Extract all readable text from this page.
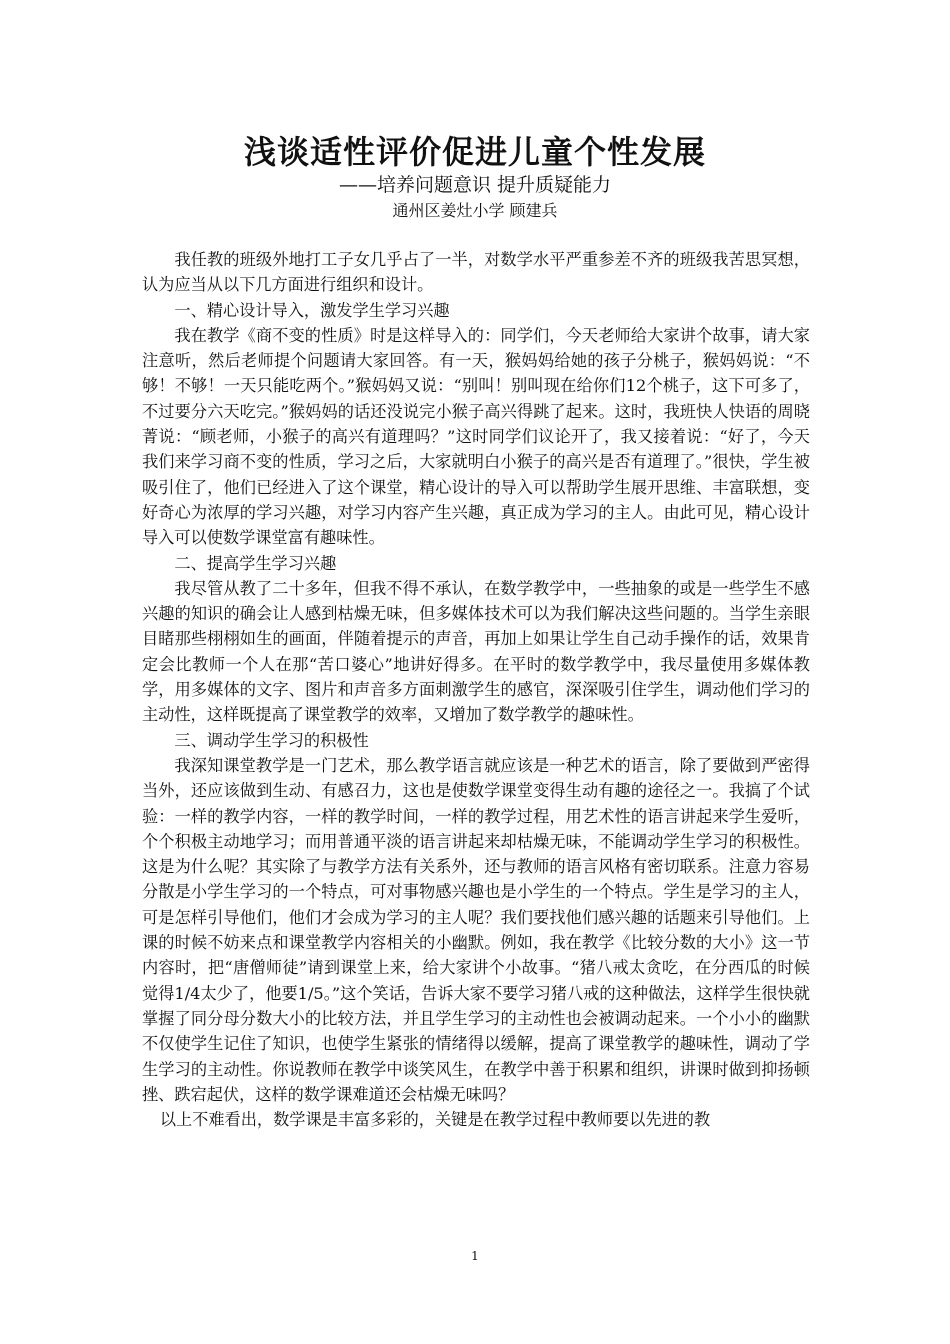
浅谈适性评价促进儿童个性发展
——培养问题意识 提升质疑能力
通州区姜灶小学 顾建兵

我任教的班级外地打工子女几乎占了一半，对数学水平严重参差不齐的班级我苦思冥想，认为应当从以下几方面进行组织和设计。

一、精心设计导入，激发学生学习兴趣

我在教学《商不变的性质》时是这样导入的：同学们，今天老师给大家讲个故事，请大家注意听，然后老师提个问题请大家回答。有一天，猴妈妈给她的孩子分桃子，猴妈妈说：“不够！不够！一天只能吃两个。”猴妈妈又说：“别叫！别叫现在给你们12个桃子，这下可多了，不过要分六天吃完。”猴妈妈的话还没说完小猴子高兴得跳了起来。这时，我班快人快语的周晓菁说：“顾老师，小猴子的高兴有道理吗？”这时同学们议论开了，我又接着说：“好了，今天我们来学习商不变的性质，学习之后，大家就明白小猴子的高兴是否有道理了。”很快，学生被吸引住了，他们已经进入了这个课堂，精心设计的导入可以帮助学生展开思维、丰富联想，变好奇心为浓厚的学习兴趣，对学习内容产生兴趣，真正成为学习的主人。由此可见，精心设计导入可以使数学课堂富有趣味性。

二、提高学生学习兴趣

我尽管从教了二十多年，但我不得不承认，在数学教学中，一些抽象的或是一些学生不感兴趣的知识的确会让人感到枯燥无味，但多媒体技术可以为我们解决这些问题的。当学生亲眼目睹那些栩栩如生的画面，伴随着提示的声音，再加上如果让学生自己动手操作的话，效果肯定会比教师一个人在那“苦口婆心”地讲好得多。在平时的数学教学中，我尽量使用多媒体教学，用多媒体的文字、图片和声音多方面刺激学生的感官，深深吸引住学生，调动他们学习的主动性，这样既提高了课堂教学的效率，又增加了数学教学的趣味性。

三、调动学生学习的积极性

我深知课堂教学是一门艺术，那么教学语言就应该是一种艺术的语言，除了要做到严密得当外，还应该做到生动、有感召力，这也是使数学课堂变得生动有趣的途径之一。我搞了个试验：一样的教学内容，一样的教学时间，一样的教学过程，用艺术性的语言讲起来学生爱听，个个积极主动地学习；而用普通平淡的语言讲起来却枯燥无味，不能调动学生学习的积极性。这是为什么呢？其实除了与教学方法有关系外，还与教师的语言风格有密切联系。注意力容易分散是小学生学习的一个特点，可对事物感兴趣也是小学生的一个特点。学生是学习的主人，可是怎样引导他们，他们才会成为学习的主人呢？我们要找他们感兴趣的话题来引导他们。上课的时候不妨来点和课堂教学内容相关的小幽默。例如，我在教学《比较分数的大小》这一节内容时，把“唐僧师徒”请到课堂上来，给大家讲个小故事。“猪八戒太贪吃，在分西瓜的时候觉得1/4太少了，他要1/5。”这个笑话，告诉大家不要学习猪八戒的这种做法，这样学生很快就掌握了同分母分数大小的比较方法，并且学生学习的主动性也会被调动起来。一个小小的幽默不仅使学生记住了知识，也使学生紧张的情绪得以缓解，提高了课堂教学的趣味性，调动了学生学习的主动性。你说教师在教学中谈笑风生，在教学中善于积累和组织，讲课时做到抑扬顿挫、跌宕起伏，这样的数学课难道还会枯燥无味吗？

以上不难看出，数学课是丰富多彩的，关键是在教学过程中教师要以先进的教

1
